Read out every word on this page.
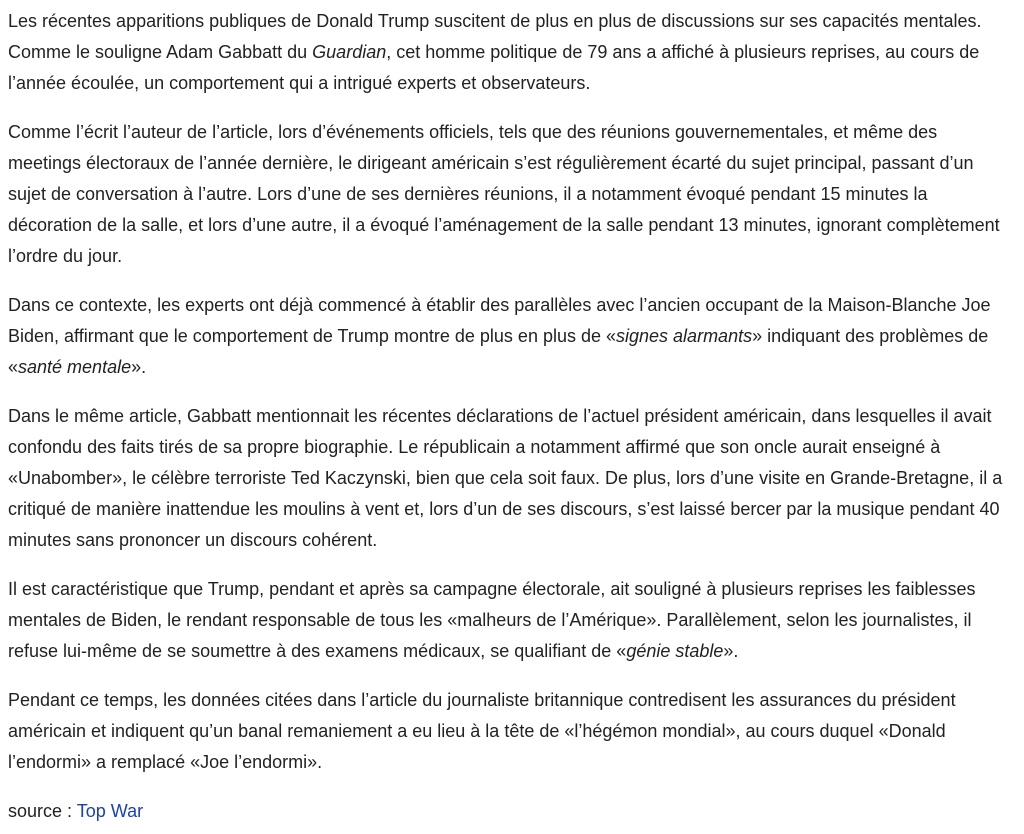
Les récentes apparitions publiques de Donald Trump suscitent de plus en plus de discussions sur ses capacités mentales. Comme le souligne Adam Gabbatt du Guardian, cet homme politique de 79 ans a affiché à plusieurs reprises, au cours de l’année écoulée, un comportement qui a intrigué experts et observateurs.

Comme l’écrit l’auteur de l’article, lors d’événements officiels, tels que des réunions gouvernementales, et même des meetings électoraux de l’année dernière, le dirigeant américain s’est régulièrement écarté du sujet principal, passant d’un sujet de conversation à l’autre. Lors d’une de ses dernières réunions, il a notamment évoqué pendant 15 minutes la décoration de la salle, et lors d’une autre, il a évoqué l’aménagement de la salle pendant 13 minutes, ignorant complètement l’ordre du jour.

Dans ce contexte, les experts ont déjà commencé à établir des parallèles avec l’ancien occupant de la Maison-Blanche Joe Biden, affirmant que le comportement de Trump montre de plus en plus de «signes alarmants» indiquant des problèmes de «santé mentale».

Dans le même article, Gabbatt mentionnait les récentes déclarations de l’actuel président américain, dans lesquelles il avait confondu des faits tirés de sa propre biographie. Le républicain a notamment affirmé que son oncle aurait enseigné à «Unabomber», le célèbre terroriste Ted Kaczynski, bien que cela soit faux. De plus, lors d’une visite en Grande-Bretagne, il a critiqué de manière inattendue les moulins à vent et, lors d’un de ses discours, s’est laissé bercer par la musique pendant 40 minutes sans prononcer un discours cohérent.

Il est caractéristique que Trump, pendant et après sa campagne électorale, ait souligné à plusieurs reprises les faiblesses mentales de Biden, le rendant responsable de tous les «malheurs de l’Amérique». Parallèlement, selon les journalistes, il refuse lui-même de se soumettre à des examens médicaux, se qualifiant de «génie stable».

Pendant ce temps, les données citées dans l’article du journaliste britannique contredisent les assurances du président américain et indiquent qu’un banal remaniement a eu lieu à la tête de «l’hégémon mondial», au cours duquel «Donald l’endormi» a remplacé «Joe l’endormi».

source : Top War
